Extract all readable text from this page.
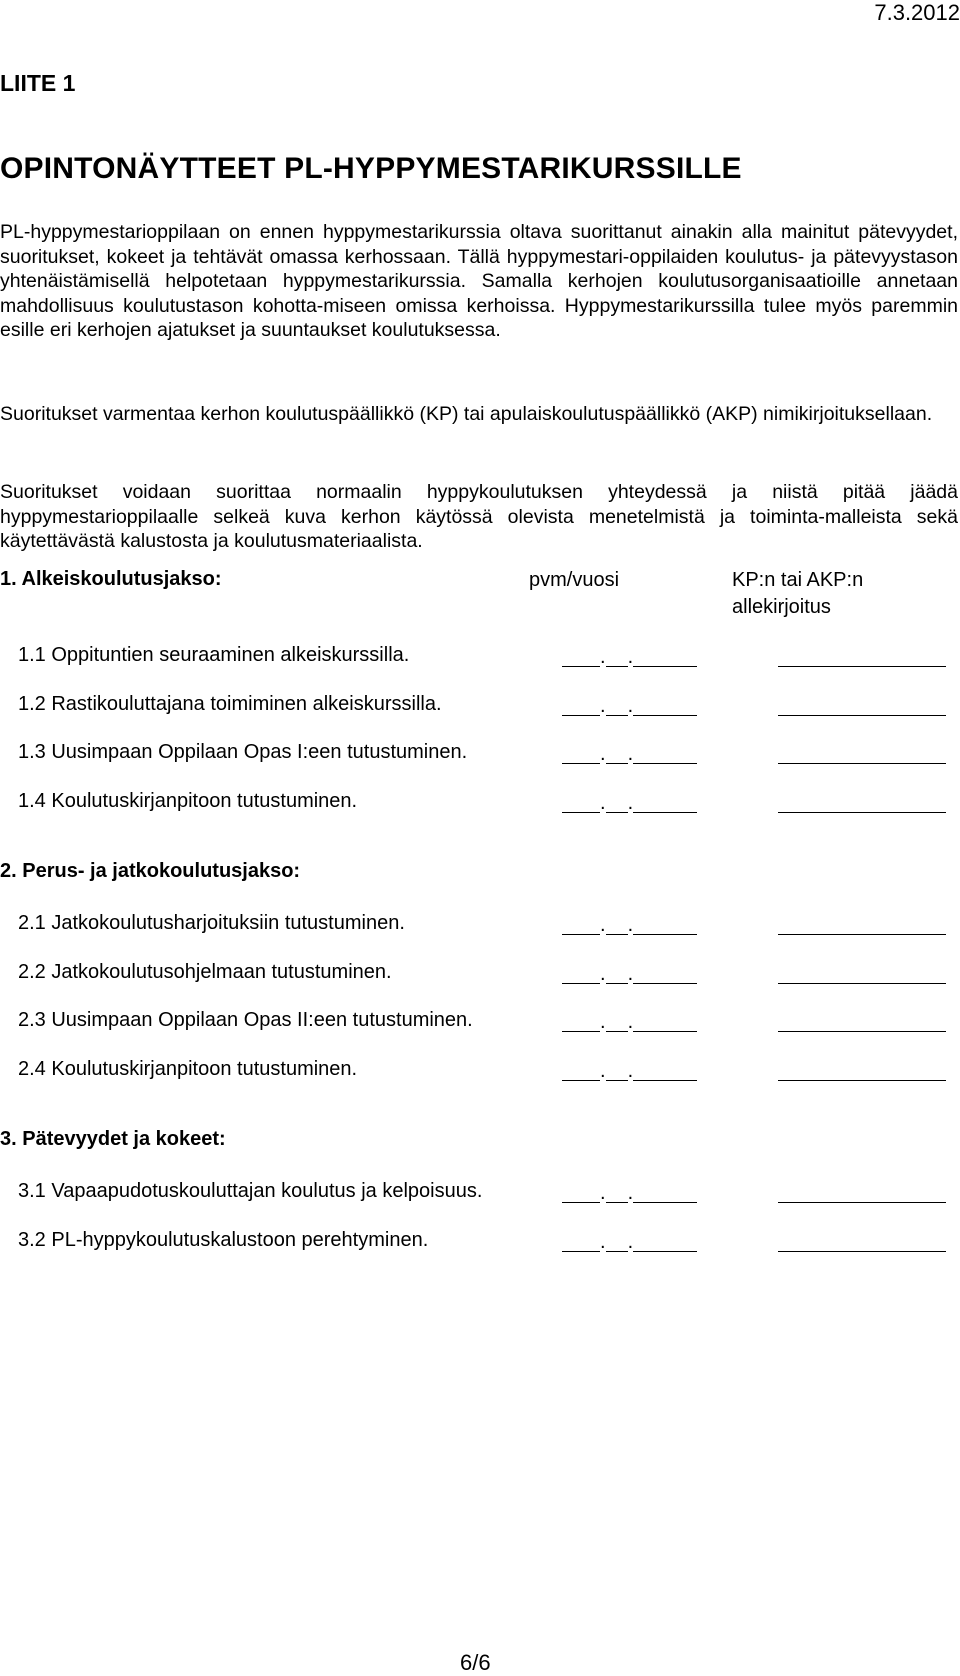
7.3.2012
LIITE 1
OPINTONÄYTTEET PL-HYPPYMESTARIKURSSILLE
PL-hyppymestarioppilaan on ennen hyppymestarikurssia oltava suorittanut ainakin alla mainitut pätevyydet, suoritukset, kokeet ja tehtävät omassa kerhossaan. Tällä hyppymestari-oppilaiden koulutus- ja pätevyystason yhtenäistämisellä helpotetaan hyppymestarikurssia. Samalla kerhojen koulutusorganisaatioille annetaan mahdollisuus koulutustason kohotta-miseen omissa kerhoissa. Hyppymestarikurssilla tulee myös paremmin esille eri kerhojen ajatukset ja suuntaukset koulutuksessa.
Suoritukset varmentaa kerhon koulutuspäällikkö (KP) tai apulaiskoulutuspäällikkö (AKP) nimikirjoituksellaan.
Suoritukset voidaan suorittaa normaalin hyppykoulutuksen yhteydessä ja niistä pitää jäädä hyppymestarioppilaalle selkeä kuva kerhon käytössä olevista menetelmistä ja toiminta-malleista sekä käytettävästä kalustosta ja koulutusmateriaalista.
1. Alkeiskoulutusjakso:	pvm/vuosi	KP:n tai AKP:n
allekirjoitus
1.1 Oppituntien seuraaminen alkeiskurssilla.	. .
1.2 Rastikouluttajana toimiminen alkeiskurssilla.	. .
1.3 Uusimpaan Oppilaan Opas I:een tutustuminen.	. .
1.4 Koulutuskirjanpitoon tutustuminen.	. .
2. Perus- ja jatkokoulutusjakso:
2.1 Jatkokoulutusharjoituksiin tutustuminen.	. .
2.2 Jatkokoulutusohjelmaan tutustuminen.	. .
2.3 Uusimpaan Oppilaan Opas II:een tutustuminen.	. .
2.4 Koulutuskirjanpitoon tutustuminen.	. .
3. Pätevyydet ja kokeet:
3.1 Vapaapudotuskouluttajan koulutus ja kelpoisuus.	. .
3.2 PL-hyppykoulutuskalustoon perehtyminen.	. .
6/6
